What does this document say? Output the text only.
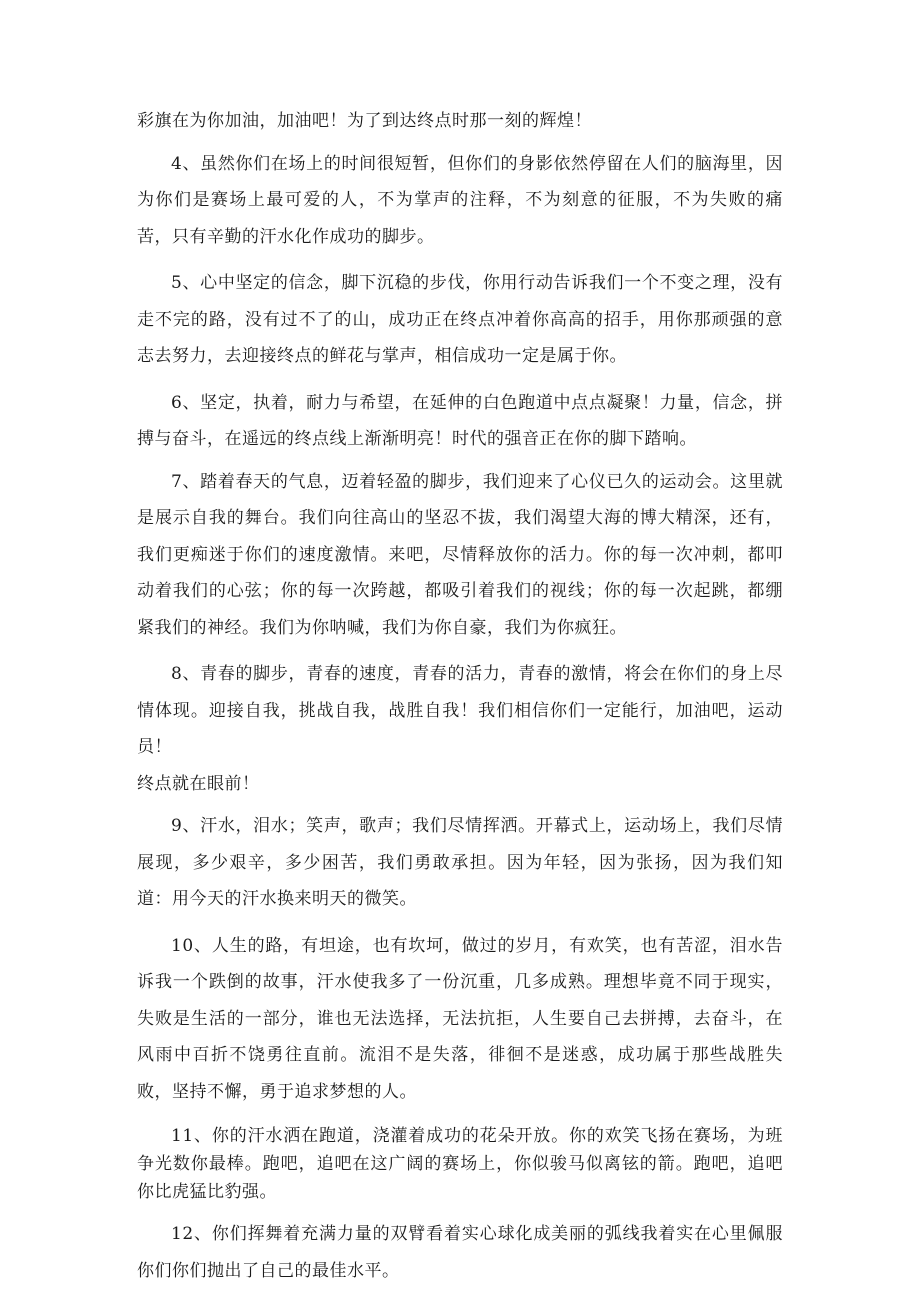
彩旗在为你加油，加油吧！为了到达终点时那一刻的辉煌！

4、虽然你们在场上的时间很短暂，但你们的身影依然停留在人们的脑海里，因为你们是赛场上最可爱的人，不为掌声的注释，不为刻意的征服，不为失败的痛苦，只有辛勤的汗水化作成功的脚步。

5、心中坚定的信念，脚下沉稳的步伐，你用行动告诉我们一个不变之理，没有走不完的路，没有过不了的山，成功正在终点冲着你高高的招手，用你那顽强的意志去努力，去迎接终点的鲜花与掌声，相信成功一定是属于你。

6、坚定，执着，耐力与希望，在延伸的白色跑道中点点凝聚！力量，信念，拼搏与奋斗，在遥远的终点线上渐渐明亮！时代的强音正在你的脚下踏响。

7、踏着春天的气息，迈着轻盈的脚步，我们迎来了心仪已久的运动会。这里就是展示自我的舞台。我们向往高山的坚忍不拔，我们渴望大海的博大精深，还有，我们更痴迷于你们的速度激情。来吧，尽情释放你的活力。你的每一次冲刺，都叩动着我们的心弦；你的每一次跨越，都吸引着我们的视线；你的每一次起跳，都绷紧我们的神经。我们为你呐喊，我们为你自豪，我们为你疯狂。

8、青春的脚步，青春的速度，青春的活力，青春的激情，将会在你们的身上尽情体现。迎接自我，挑战自我，战胜自我！我们相信你们一定能行，加油吧，运动员！

终点就在眼前！

9、汗水，泪水；笑声，歌声；我们尽情挥洒。开幕式上，运动场上，我们尽情展现，多少艰辛，多少困苦，我们勇敢承担。因为年轻，因为张扬，因为我们知道：用今天的汗水换来明天的微笑。

10、人生的路，有坦途，也有坎坷，做过的岁月，有欢笑，也有苦涩，泪水告诉我一个跌倒的故事，汗水使我多了一份沉重，几多成熟。理想毕竟不同于现实，失败是生活的一部分，谁也无法选择，无法抗拒，人生要自己去拼搏，去奋斗，在风雨中百折不饶勇往直前。流泪不是失落，徘徊不是迷惑，成功属于那些战胜失败，坚持不懈，勇于追求梦想的人。

11、你的汗水洒在跑道，浇灌着成功的花朵开放。你的欢笑飞扬在赛场，为班争光数你最棒。跑吧，追吧在这广阔的赛场上，你似骏马似离铉的箭。跑吧，追吧你比虎猛比豹强。

12、你们挥舞着充满力量的双臂看着实心球化成美丽的弧线我着实在心里佩服你们你们抛出了自己的最佳水平。
